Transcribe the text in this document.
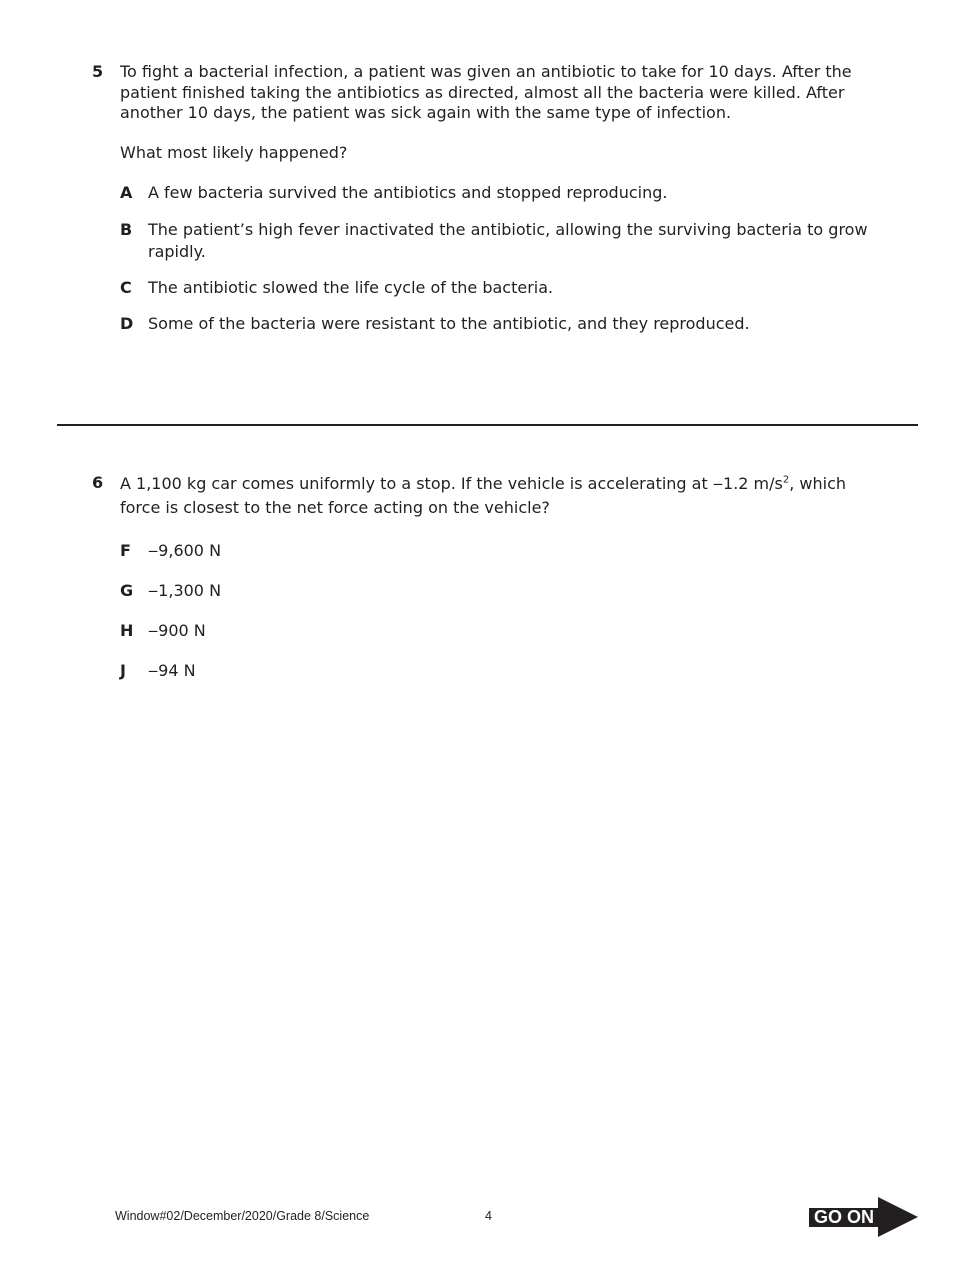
5 To fight a bacterial infection, a patient was given an antibiotic to take for 10 days. After the patient finished taking the antibiotics as directed, almost all the bacteria were killed. After another 10 days, the patient was sick again with the same type of infection.
What most likely happened?
A A few bacteria survived the antibiotics and stopped reproducing.
B The patient’s high fever inactivated the antibiotic, allowing the surviving bacteria to grow rapidly.
C	The antibiotic slowed the life cycle of the bacteria.
D Some of the bacteria were resistant to the antibiotic, and they reproduced.
6 A 1,100 kg car comes uniformly to a stop. If the vehicle is accelerating at ‒1.2 $m/s^2$, which force is closest to the net force acting on the vehicle?
F	‒9,600 N
G ‒1,300 N
H ‒900 N
J	‒94 N
Window#02/December/2020/Grade 8/Science	4	GO ON
